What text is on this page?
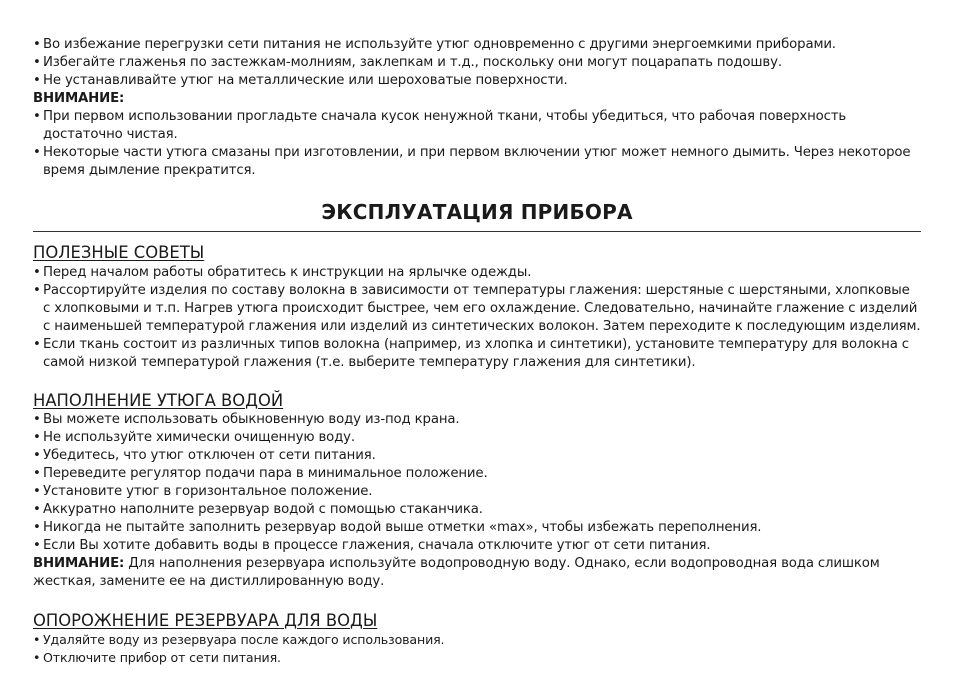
• Во избежание перегрузки сети питания не используйте утюг одновременно с другими энергоемкими приборами.
• Избегайте глаженья по застежкам-молниям, заклепкам и т.д., поскольку они могут поцарапать подошву.
• Не устанавливайте утюг на металлические или шероховатые поверхности.
ВНИМАНИЕ:
• При первом использовании прогладьте сначала кусок ненужной ткани, чтобы убедиться, что рабочая поверхность
достаточно чистая.
• Некоторые части утюга смазаны при изготовлении, и при первом включении утюг может немного дымить. Через некоторое
время дымление прекратится.
ЭКСПЛУАТАЦИЯ ПРИБОРА
ПОЛЕЗНЫЕ СОВЕТЫ
• Перед началом работы обратитесь к инструкции на ярлычке одежды.
• Рассортируйте изделия по составу волокна в зависимости от температуры глажения: шерстяные с шерстяными, хлопковые
с хлопковыми и т.п. Нагрев утюга происходит быстрее, чем его охлаждение. Следовательно, начинайте глажение с изделий
с наименьшей температурой глажения или изделий из синтетических волокон. Затем переходите к последующим изделиям.
• Если ткань состоит из различных типов волокна (например, из хлопка и синтетики), установите температуру для волокна с
самой низкой температурой глажения (т.е. выберите температуру глажения для синтетики).
НАПОЛНЕНИЕ УТЮГА ВОДОЙ
• Вы можете использовать обыкновенную воду из-под крана.
• Не используйте химически очищенную воду.
• Убедитесь, что утюг отключен от сети питания.
• Переведите регулятор подачи пара в минимальное положение.
• Установите утюг в горизонтальное положение.
• Аккуратно наполните резервуар водой с помощью стаканчика.
• Никогда не пытайте заполнить резервуар водой выше отметки «max», чтобы избежать переполнения.
• Если Вы хотите добавить воды в процессе глажения, сначала отключите утюг от сети питания.
ВНИМАНИЕ: Для наполнения резервуара используйте водопроводную воду. Однако, если водопроводная вода слишком
жесткая, замените ее на дистиллированную воду.
ОПОРОЖНЕНИЕ РЕЗЕРВУАРА ДЛЯ ВОДЫ
• Удаляйте воду из резервуара после каждого использования.
• Отключите прибор от сети питания.
